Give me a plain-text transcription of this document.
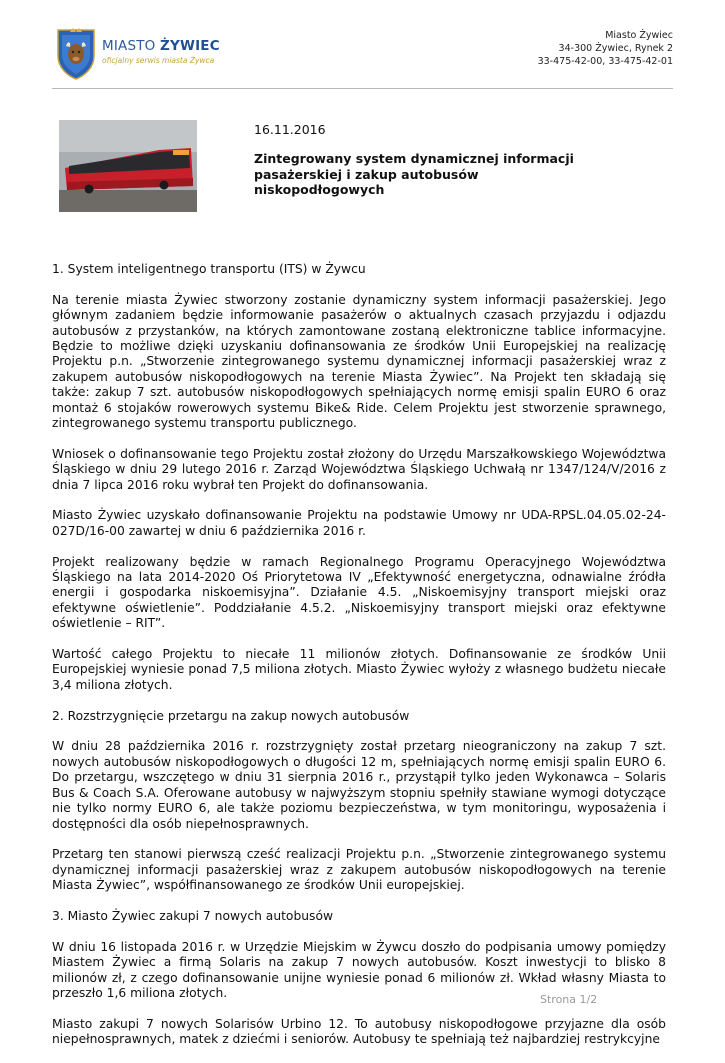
MIASTO ŻYWIEC
oficjalny serwis miasta Żywca
Miasto Żywiec
34-300 Żywiec, Rynek 2
33-475-42-00, 33-475-42-01
16.11.2016
Zintegrowany system dynamicznej informacji pasażerskiej i zakup autobusów niskopodłogowych
1. System inteligentnego transportu (ITS) w Żywcu

Na terenie miasta Żywiec stworzony zostanie dynamiczny system informacji pasażerskiej. Jego głównym zadaniem będzie informowanie pasażerów o aktualnych czasach przyjazdu i odjazdu autobusów z przystanków, na których zamontowane zostaną elektroniczne tablice informacyjne. Będzie to możliwe dzięki uzyskaniu dofinansowania ze środków Unii Europejskiej na realizację Projektu p.n. „Stworzenie zintegrowanego systemu dynamicznej informacji pasażerskiej wraz z zakupem autobusów niskopodłogowych na terenie Miasta Żywiec”. Na Projekt ten składają się także: zakup 7 szt. autobusów niskopodłogowych spełniających normę emisji spalin EURO 6 oraz montaż 6 stojaków rowerowych systemu Bike& Ride. Celem Projektu jest stworzenie sprawnego, zintegrowanego systemu transportu publicznego.

Wniosek o dofinansowanie tego Projektu został złożony do Urzędu Marszałkowskiego Województwa Śląskiego w dniu 29 lutego 2016 r. Zarząd Województwa Śląskiego Uchwałą nr 1347/124/V/2016 z dnia 7 lipca 2016 roku wybrał ten Projekt do dofinansowania.

Miasto Żywiec uzyskało dofinansowanie Projektu na podstawie Umowy nr UDA-RPSL.04.05.02-24-027D/16-00 zawartej w dniu 6 października 2016 r.

Projekt realizowany będzie w ramach Regionalnego Programu Operacyjnego Województwa Śląskiego na lata 2014-2020 Oś Priorytetowa IV „Efektywność energetyczna, odnawialne źródła energii i gospodarka niskoemisyjna”. Działanie 4.5. „Niskoemisyjny transport miejski oraz efektywne oświetlenie”. Poddziałanie 4.5.2. „Niskoemisyjny transport miejski oraz efektywne oświetlenie – RIT”.

Wartość całego Projektu to niecałe 11 milionów złotych. Dofinansowanie ze środków Unii Europejskiej wyniesie ponad 7,5 miliona złotych. Miasto Żywiec wyłoży z własnego budżetu niecałe 3,4 miliona złotych.

2. Rozstrzygnięcie przetargu na zakup nowych autobusów

W dniu 28 października 2016 r. rozstrzygnięty został przetarg nieograniczony na zakup 7 szt. nowych autobusów niskopodłogowych o długości 12 m, spełniających normę emisji spalin EURO 6. Do przetargu, wszczętego w dniu 31 sierpnia 2016 r., przystąpił tylko jeden Wykonawca – Solaris Bus & Coach S.A. Oferowane autobusy w najwyższym stopniu spełniły stawiane wymogi dotyczące nie tylko normy EURO 6, ale także poziomu bezpieczeństwa, w tym monitoringu, wyposażenia i dostępności dla osób niepełnosprawnych.

Przetarg ten stanowi pierwszą cześć realizacji Projektu p.n. „Stworzenie zintegrowanego systemu dynamicznej informacji pasażerskiej wraz z zakupem autobusów niskopodłogowych na terenie Miasta Żywiec”, współfinansowanego ze środków Unii europejskiej.

3. Miasto Żywiec zakupi 7 nowych autobusów

W dniu 16 listopada 2016 r. w Urzędzie Miejskim w Żywcu doszło do podpisania umowy pomiędzy Miastem Żywiec a firmą Solaris na zakup 7 nowych autobusów. Koszt inwestycji to blisko 8 milionów zł, z czego dofinansowanie unijne wyniesie ponad 6 milionów zł. Wkład własny Miasta to przeszło 1,6 miliona złotych.

Miasto zakupi 7 nowych Solarisów Urbino 12. To autobusy niskopodłogowe przyjazne dla osób niepełnosprawnych, matek z dziećmi i seniorów. Autobusy te spełniają też najbardziej restrykcyjne

Strona 1/2
